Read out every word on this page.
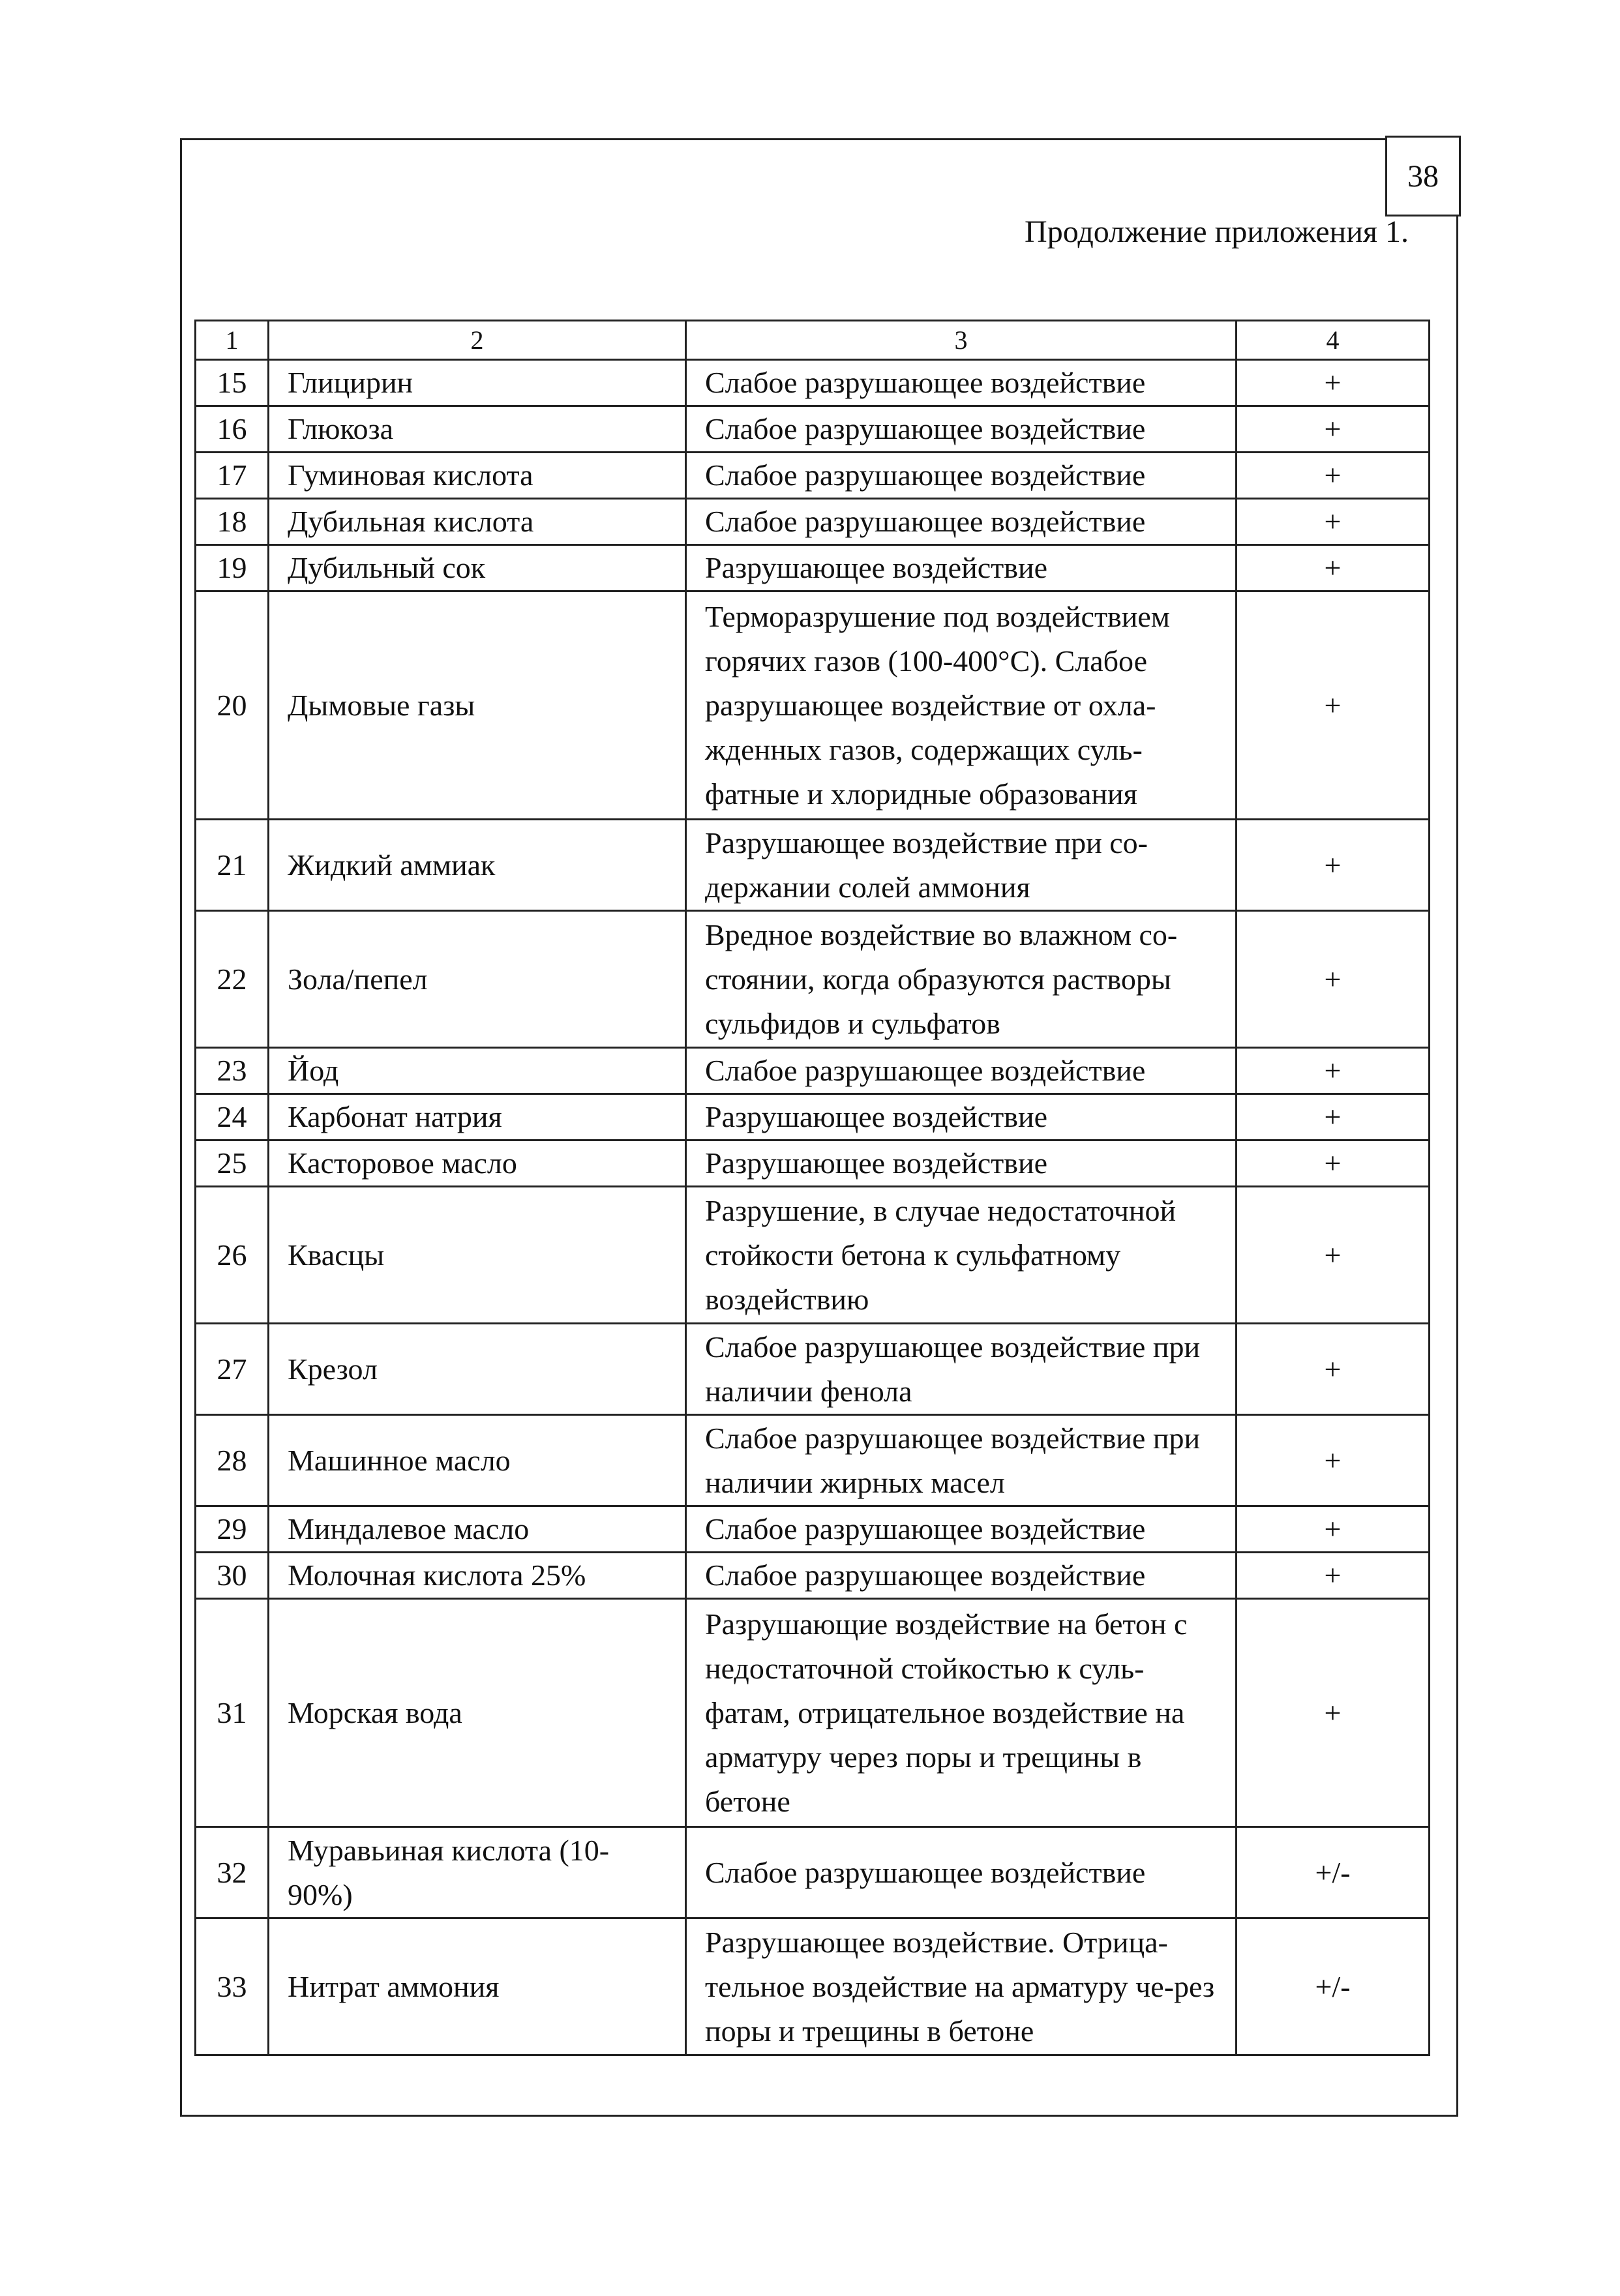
38
Продолжение приложения 1.
1	2	3	4
15	Глицирин	Слабое разрушающее воздействие	+
16	Глюкоза	Слабое разрушающее воздействие	+
17	Гуминовая кислота	Слабое разрушающее воздействие	+
18	Дубильная кислота	Слабое разрушающее воздействие	+
19	Дубильный сок	Разрушающее воздействие	+
20	Дымовые газы	Терморазрушение под воздействием горячих газов (100-400°С). Слабое разрушающее воздействие от охла-жденных газов, содержащих суль-фатные и хлоридные образования	+
21	Жидкий аммиак	Разрушающее воздействие при со-держании солей аммония	+
22	Зола/пепел	Вредное воздействие во влажном со-стоянии, когда образуются растворы сульфидов и сульфатов	+
23	Йод	Слабое разрушающее воздействие	+
24	Карбонат натрия	Разрушающее воздействие	+
25	Касторовое масло	Разрушающее воздействие	+
26	Квасцы	Разрушение, в случае недостаточной стойкости бетона к сульфатному воздействию	+
27	Крезол	Слабое разрушающее воздействие при наличии фенола	+
28	Машинное масло	Слабое разрушающее воздействие при наличии жирных масел	+
29	Миндалевое масло	Слабое разрушающее воздействие	+
30	Молочная кислота 25%	Слабое разрушающее воздействие	+
31	Морская вода	Разрушающие воздействие на бетон с недостаточной стойкостью к суль-фатам, отрицательное воздействие на арматуру через поры и трещины в бетоне	+
32	Муравьиная кислота (10-90%)	Слабое разрушающее воздействие	+/-
33	Нитрат аммония	Разрушающее воздействие. Отрица-тельное воздействие на арматуру че-рез поры и трещины в бетоне	+/-
